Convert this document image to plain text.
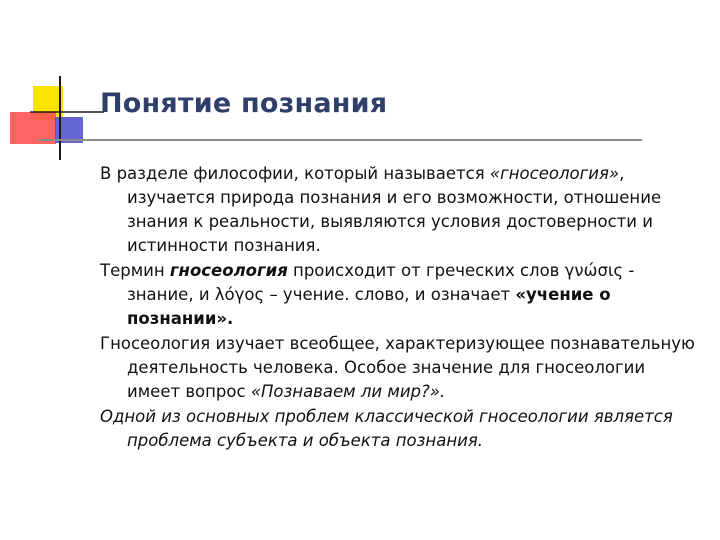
Понятие познания

В разделе философии, который называется «гносеология», изучается природа познания и его возможности, отношение знания к реальности, выявляются условия достоверности и истинности познания.

Термин гносеология происходит от греческих слов γνώσις - знание, и λόγος – учение. слово, и означает «учение о познании».

Гносеология изучает всеобщее, характеризующее познавательную деятельность человека. Особое значение для гносеологии имеет вопрос «Познаваем ли мир?».

Одной из основных проблем классической гносеологии является проблема субъекта и объекта познания.
